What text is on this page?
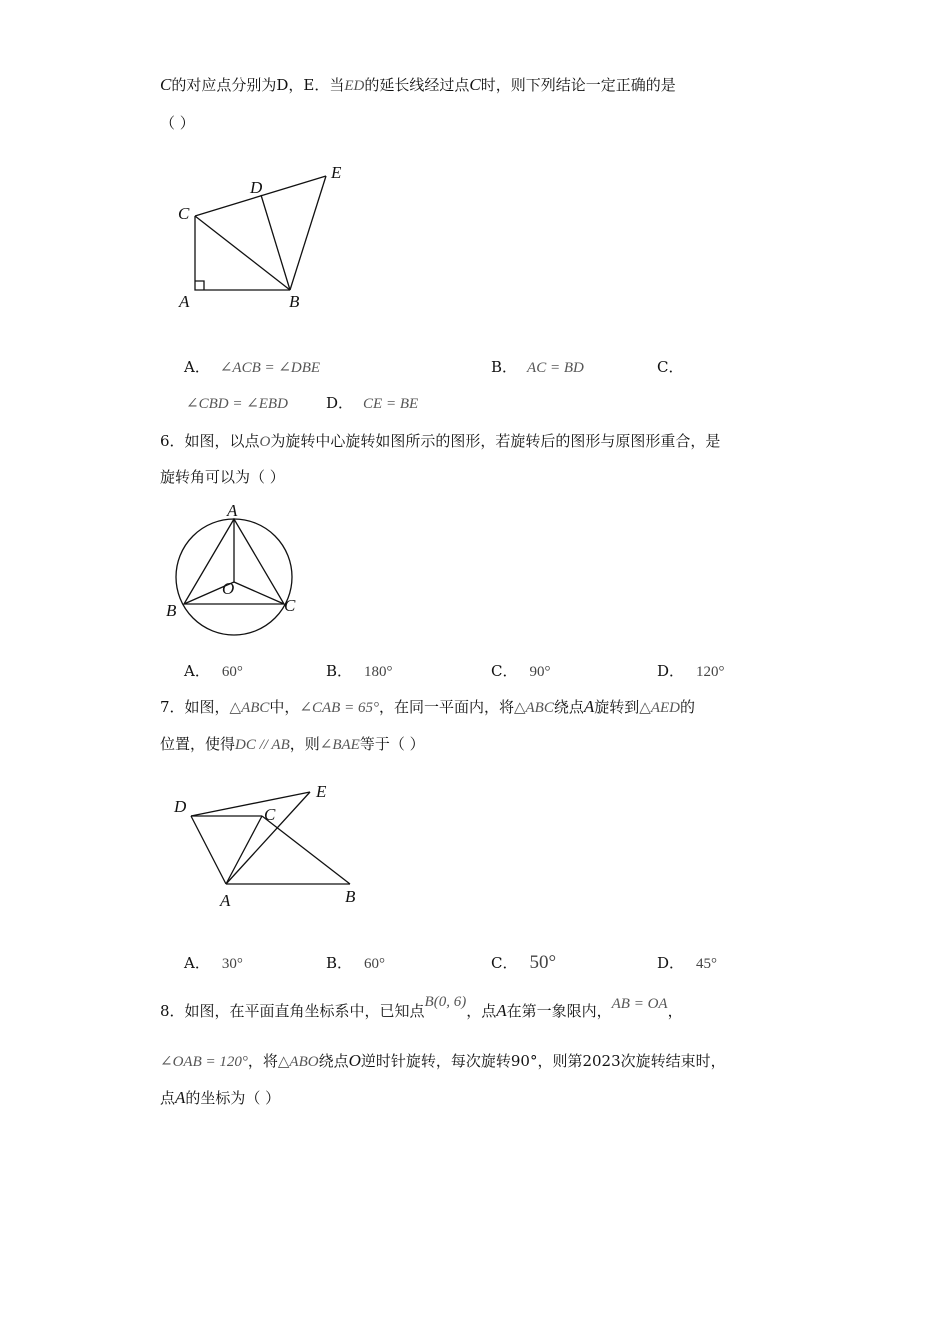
C的对应点分别为D，E．当ED的延长线经过点C时，则下列结论一定正确的是
（ ）
A	B
C
D
E
A． ∠ACB = ∠DBE	B． AC = BD	C．
∠CBD = ∠EBD	D． CE = BE
6．如图，以点O为旋转中心旋转如图所示的图形，若旋转后的图形与原图形重合，是
旋转角可以为（ ）
A
B	C
O
A． 60°	B． 180°	C． 90°	D． 120°
7．如图，△ABC中，∠CAB = 65°，在同一平面内，将△ABC绕点A旋转到△AED的
位置，使得DC // AB，则∠BAE等于（ ）
A	B
C
D
E
A． 30°	B． 60°	C． 50°	D． 45°
8．如图，在平面直角坐标系中，已知点B(0, 6)，点A在第一象限内，AB = OA，
∠OAB = 120°，将△ABO绕点O逆时针旋转，每次旋转90°，则第2023次旋转结束时，
点A的坐标为（ ）
